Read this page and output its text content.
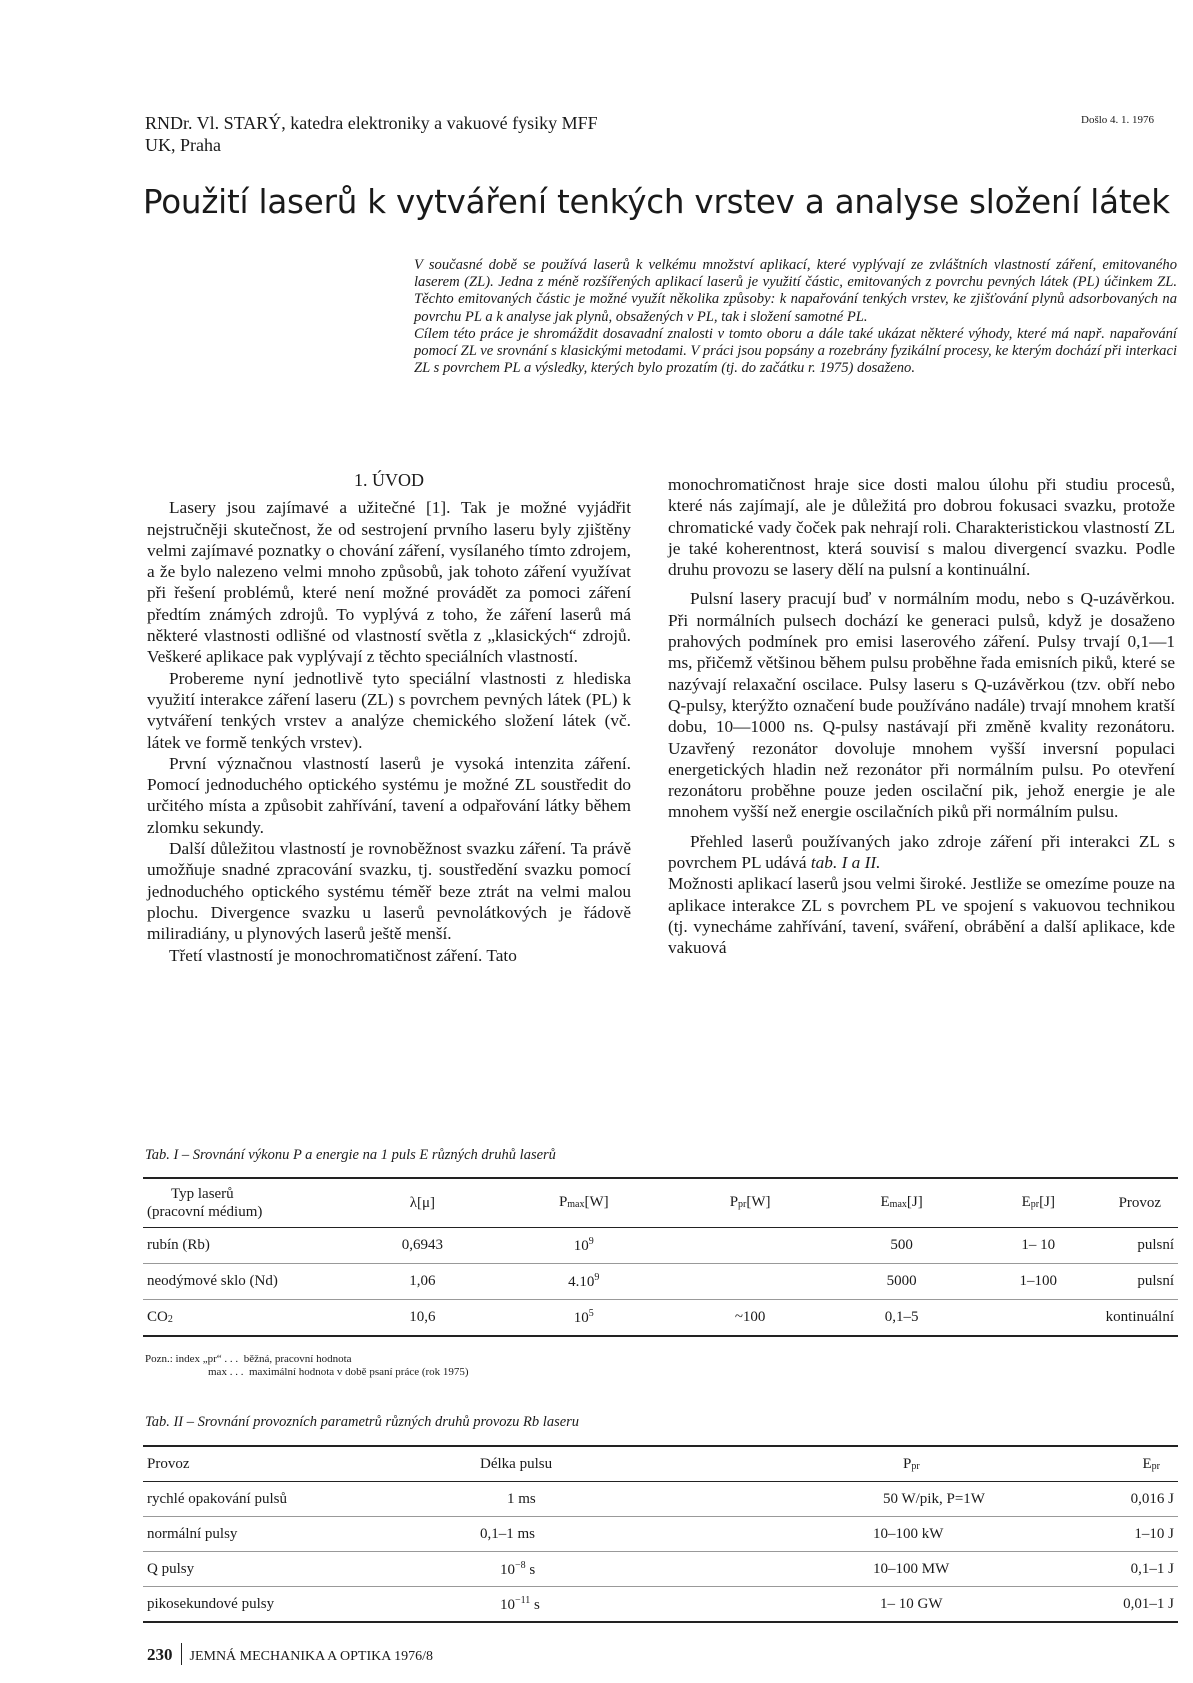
RNDr. Vl. STARÝ, katedra elektroniky a vakuové fysiky MFF
UK, Praha
Došlo 4. 1. 1976
Použití laserů k vytváření tenkých vrstev a analyse složení látek

V současné době se používá laserů k velkému množství aplikací, které vyplývají ze zvláštních vlastností záření, emitovaného laserem (ZL). Jedna z méně rozšířených aplikací laserů je využití částic, emitovaných z povrchu pevných látek (PL) účinkem ZL. Těchto emitovaných částic je možné využít několika způsoby: k napařování tenkých vrstev, ke zjišťování plynů adsorbovaných na povrchu PL a k analyse jak plynů, obsažených v PL, tak i složení samotné PL.

Cílem této práce je shromáždit dosavadní znalosti v tomto oboru a dále také ukázat některé výhody, které má např. napařování pomocí ZL ve srovnání s klasickými metodami. V práci jsou popsány a rozebrány fyzikální procesy, ke kterým dochází při interkaci ZL s povrchem PL a výsledky, kterých bylo prozatím (tj. do začátku r. 1975) dosaženo.

1. ÚVOD

Lasery jsou zajímavé a užitečné [1]. Tak je možné vyjádřit nejstručněji skutečnost, že od sestrojení prvního laseru byly zjištěny velmi zajímavé poznatky o chování záření, vysílaného tímto zdrojem, a že bylo nalezeno velmi mnoho způsobů, jak tohoto záření využívat při řešení problémů, které není možné provádět za pomoci záření předtím známých zdrojů. To vyplývá z toho, že záření laserů má některé vlastnosti odlišné od vlastností světla z „klasických“ zdrojů. Veškeré aplikace pak vyplývají z těchto speciálních vlastností.

Probereme nyní jednotlivě tyto speciální vlastnosti z hlediska využití interakce záření laseru (ZL) s povrchem pevných látek (PL) k vytváření tenkých vrstev a analýze chemického složení látek (vč. látek ve formě tenkých vrstev).

První význačnou vlastností laserů je vysoká intenzita záření. Pomocí jednoduchého optického systému je možné ZL soustředit do určitého místa a způsobit zahřívání, tavení a odpařování látky během zlomku sekundy.

Další důležitou vlastností je rovnoběžnost svazku záření. Ta právě umožňuje snadné zpracování svazku, tj. soustředění svazku pomocí jednoduchého optického systému téměř beze ztrát na velmi malou plochu. Divergence svazku u laserů pevnolátkových je řádově miliradiány, u plynových laserů ještě menší.

Třetí vlastností je monochromatičnost záření. Tato

monochromatičnost hraje sice dosti malou úlohu při studiu procesů, které nás zajímají, ale je důležitá pro dobrou fokusaci svazku, protože chromatické vady čoček pak nehrají roli. Charakteristickou vlastností ZL je také koherentnost, která souvisí s malou divergencí svazku. Podle druhu provozu se lasery dělí na pulsní a kontinuální.

Pulsní lasery pracují buď v normálním modu, nebo s Q-uzávěrkou. Při normálních pulsech dochází ke generaci pulsů, když je dosaženo prahových podmínek pro emisi laserového záření. Pulsy trvají 0,1—1 ms, přičemž většinou během pulsu proběhne řada emisních piků, které se nazývají relaxační oscilace. Pulsy laseru s Q-uzávěrkou (tzv. obří nebo Q-pulsy, kterýžto označení bude používáno nadále) trvají mnohem kratší dobu, 10—1000 ns. Q-pulsy nastávají při změně kvality rezonátoru. Uzavřený rezonátor dovoluje mnohem vyšší inversní populaci energetických hladin než rezonátor při normálním pulsu. Po otevření rezonátoru proběhne pouze jeden oscilační pik, jehož energie je ale mnohem vyšší než energie oscilačních piků při normálním pulsu.

Přehled laserů používaných jako zdroje záření při interakci ZL s povrchem PL udává tab. I a II.

Možnosti aplikací laserů jsou velmi široké. Jestliže se omezíme pouze na aplikace interakce ZL s povrchem PL ve spojení s vakuovou technikou (tj. vynecháme zahřívání, tavení, sváření, obrábění a další aplikace, kde vakuová

Tab. I – Srovnání výkonu P a energie na 1 puls E různých druhů laserů
Typ laserů
(pracovní médium)	λ[μ]	Pmax[W]	Ppr[W]	Emax[J]	Epr[J]	Provoz
rubín (Rb)	0,6943	$10^9$		500	1– 10	pulsní
neodýmové sklo (Nd)	1,06	4.10$^9$		5000	1–100	pulsní
CO2	10,6	$10^5$	~100	0,1–5		kontinuální
Pozn.: index „pr“ . . . běžná, pracovní hodnota
max . . . maximální hodnota v době psaní práce (rok 1975)
Tab. II – Srovnání provozních parametrů různých druhů provozu Rb laseru
Provoz	Délka pulsu	Ppr	Epr
rychlé opakování pulsů	1 ms	50 W/pik, P=1W	0,016 J
normální pulsy	0,1–1 ms	10–100 kW	1–10 J
Q pulsy	$10^{-8}$ s	10–100 MW	0,1–1 J
pikosekundové pulsy	$10^{-11}$ s	1– 10 GW	0,01–1 J
230 JEMNÁ MECHANIKA A OPTIKA 1976/8
